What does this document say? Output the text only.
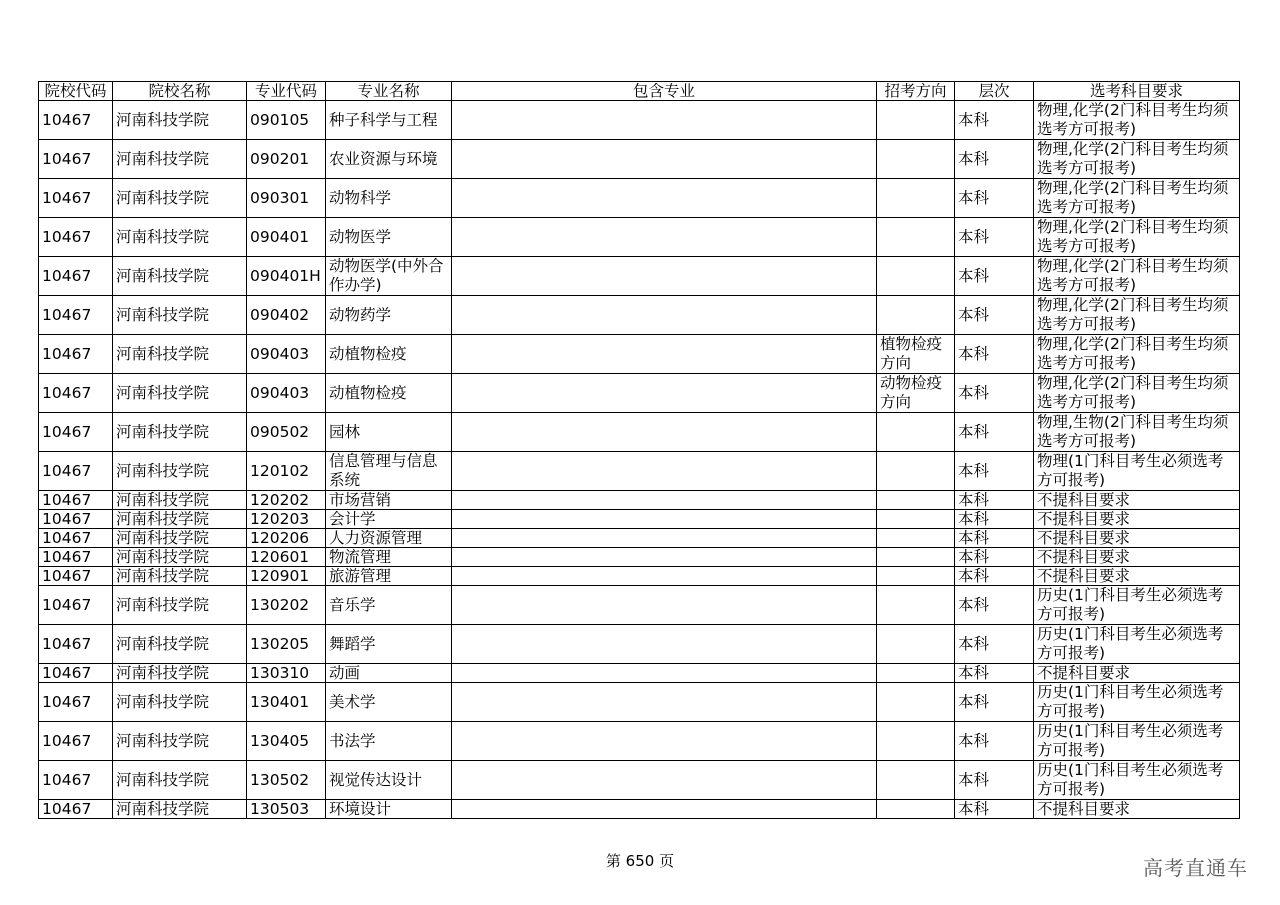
院校代码	院校名称	专业代码	专业名称	包含专业	招考方向	层次	选考科目要求
10467	河南科技学院	090105	种子科学与工程			本科	物理,化学(2门科目考生均须选考方可报考)
10467	河南科技学院	090201	农业资源与环境			本科	物理,化学(2门科目考生均须选考方可报考)
10467	河南科技学院	090301	动物科学			本科	物理,化学(2门科目考生均须选考方可报考)
10467	河南科技学院	090401	动物医学			本科	物理,化学(2门科目考生均须选考方可报考)
10467	河南科技学院	090401H	动物医学(中外合作办学)			本科	物理,化学(2门科目考生均须选考方可报考)
10467	河南科技学院	090402	动物药学			本科	物理,化学(2门科目考生均须选考方可报考)
10467	河南科技学院	090403	动植物检疫		植物检疫方向	本科	物理,化学(2门科目考生均须选考方可报考)
10467	河南科技学院	090403	动植物检疫		动物检疫方向	本科	物理,化学(2门科目考生均须选考方可报考)
10467	河南科技学院	090502	园林			本科	物理,生物(2门科目考生均须选考方可报考)
10467	河南科技学院	120102	信息管理与信息系统			本科	物理(1门科目考生必须选考方可报考)
10467	河南科技学院	120202	市场营销			本科	不提科目要求
10467	河南科技学院	120203	会计学			本科	不提科目要求
10467	河南科技学院	120206	人力资源管理			本科	不提科目要求
10467	河南科技学院	120601	物流管理			本科	不提科目要求
10467	河南科技学院	120901	旅游管理			本科	不提科目要求
10467	河南科技学院	130202	音乐学			本科	历史(1门科目考生必须选考方可报考)
10467	河南科技学院	130205	舞蹈学			本科	历史(1门科目考生必须选考方可报考)
10467	河南科技学院	130310	动画			本科	不提科目要求
10467	河南科技学院	130401	美术学			本科	历史(1门科目考生必须选考方可报考)
10467	河南科技学院	130405	书法学			本科	历史(1门科目考生必须选考方可报考)
10467	河南科技学院	130502	视觉传达设计			本科	历史(1门科目考生必须选考方可报考)
10467	河南科技学院	130503	环境设计			本科	不提科目要求
第 650 页	高考直通车
